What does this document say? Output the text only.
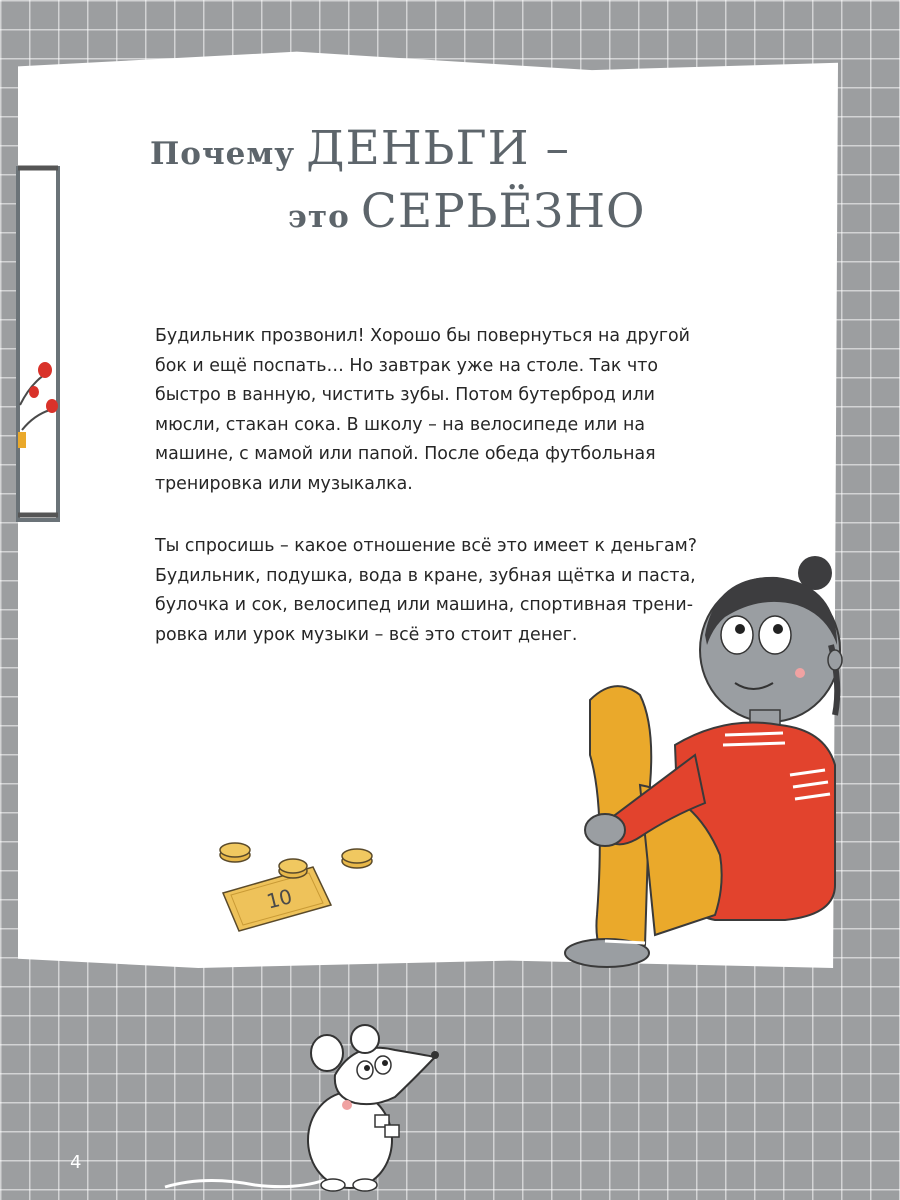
Почему ДЕНЬГИ –
это СЕРЬЁЗНО

Будильник прозвонил! Хорошо бы повернуться на другой
бок и ещё поспать… Но завтрак уже на столе. Так что
быстро в ванную, чистить зубы. Потом бутерброд или
мюсли, стакан сока. В школу – на велосипеде или на
машине, с мамой или папой. После обеда футбольная
тренировка или музыкалка.

Ты спросишь – какое отношение всё это имеет к деньгам?
Будильник, подушка, вода в кране, зубная щётка и паста,
булочка и сок, велосипед или машина, спортивная трени-
ровка или урок музыки – всё это стоит денег.

10
4
